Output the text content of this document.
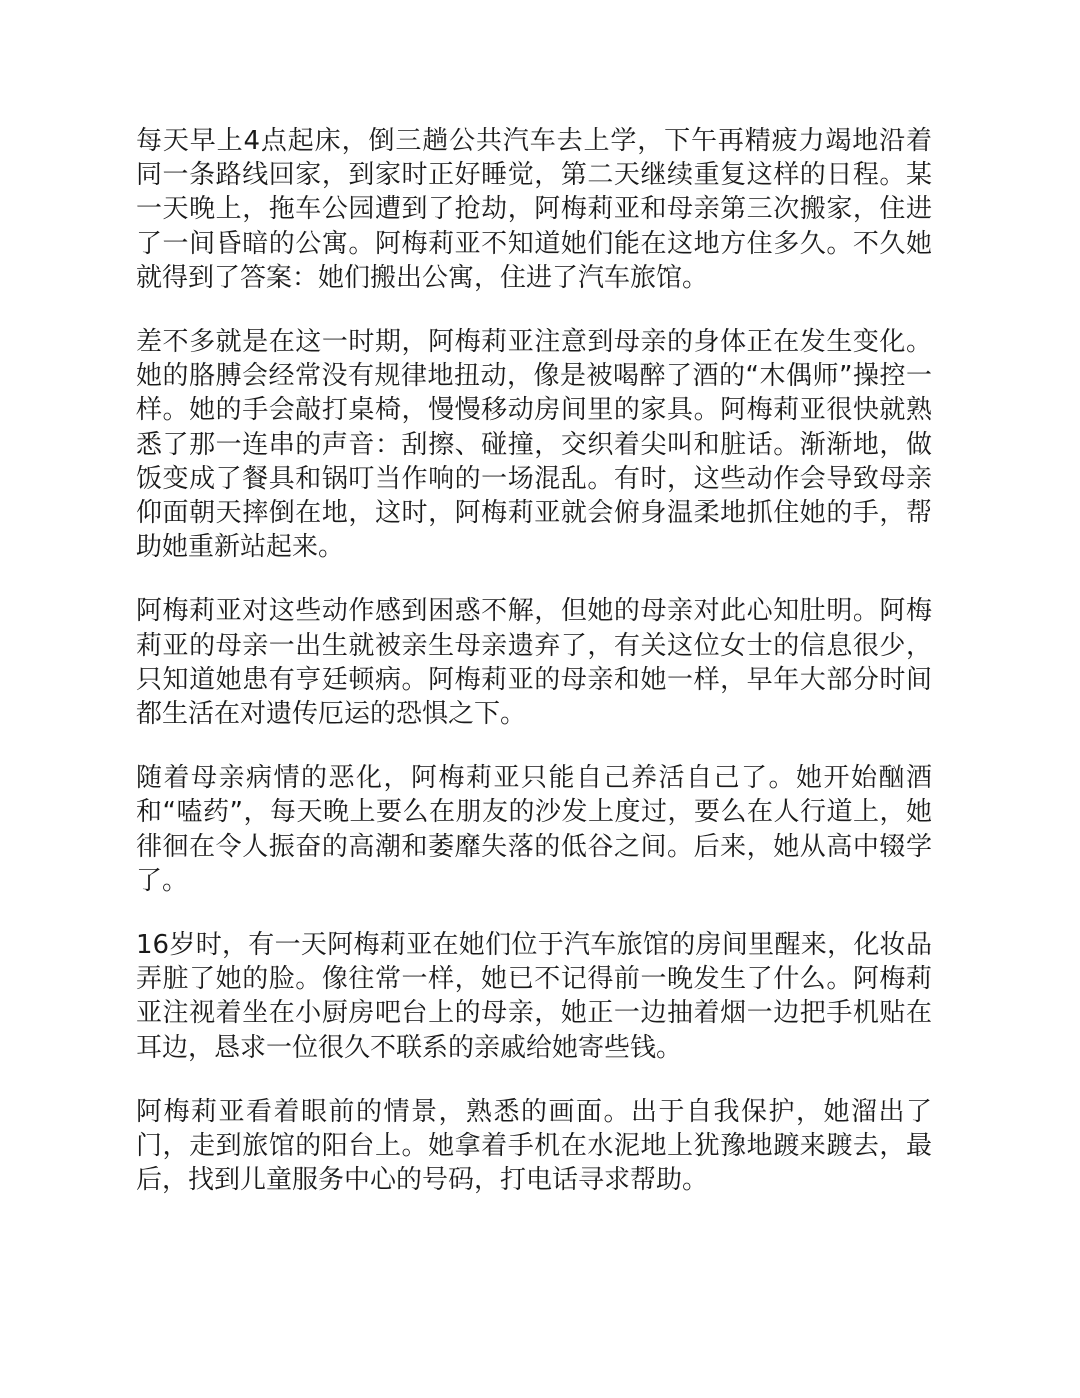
每天早上4点起床，倒三趟公共汽车去上学，下午再精疲力竭地沿着同一条路线回家，到家时正好睡觉，第二天继续重复这样的日程。某一天晚上，拖车公园遭到了抢劫，阿梅莉亚和母亲第三次搬家，住进了一间昏暗的公寓。阿梅莉亚不知道她们能在这地方住多久。不久她就得到了答案：她们搬出公寓，住进了汽车旅馆。

差不多就是在这一时期，阿梅莉亚注意到母亲的身体正在发生变化。她的胳膊会经常没有规律地扭动，像是被喝醉了酒的“木偶师”操控一样。她的手会敲打桌椅，慢慢移动房间里的家具。阿梅莉亚很快就熟悉了那一连串的声音：刮擦、碰撞，交织着尖叫和脏话。渐渐地，做饭变成了餐具和锅叮当作响的一场混乱。有时，这些动作会导致母亲仰面朝天摔倒在地，这时，阿梅莉亚就会俯身温柔地抓住她的手，帮助她重新站起来。

阿梅莉亚对这些动作感到困惑不解，但她的母亲对此心知肚明。阿梅莉亚的母亲一出生就被亲生母亲遗弃了，有关这位女士的信息很少，只知道她患有亨廷顿病。阿梅莉亚的母亲和她一样，早年大部分时间都生活在对遗传厄运的恐惧之下。

随着母亲病情的恶化，阿梅莉亚只能自己养活自己了。她开始酗酒和“嗑药”，每天晚上要么在朋友的沙发上度过，要么在人行道上，她徘徊在令人振奋的高潮和萎靡失落的低谷之间。后来，她从高中辍学了。

16岁时，有一天阿梅莉亚在她们位于汽车旅馆的房间里醒来，化妆品弄脏了她的脸。像往常一样，她已不记得前一晚发生了什么。阿梅莉亚注视着坐在小厨房吧台上的母亲，她正一边抽着烟一边把手机贴在耳边，恳求一位很久不联系的亲戚给她寄些钱。

阿梅莉亚看着眼前的情景，熟悉的画面。出于自我保护，她溜出了门，走到旅馆的阳台上。她拿着手机在水泥地上犹豫地踱来踱去，最后，找到儿童服务中心的号码，打电话寻求帮助。
